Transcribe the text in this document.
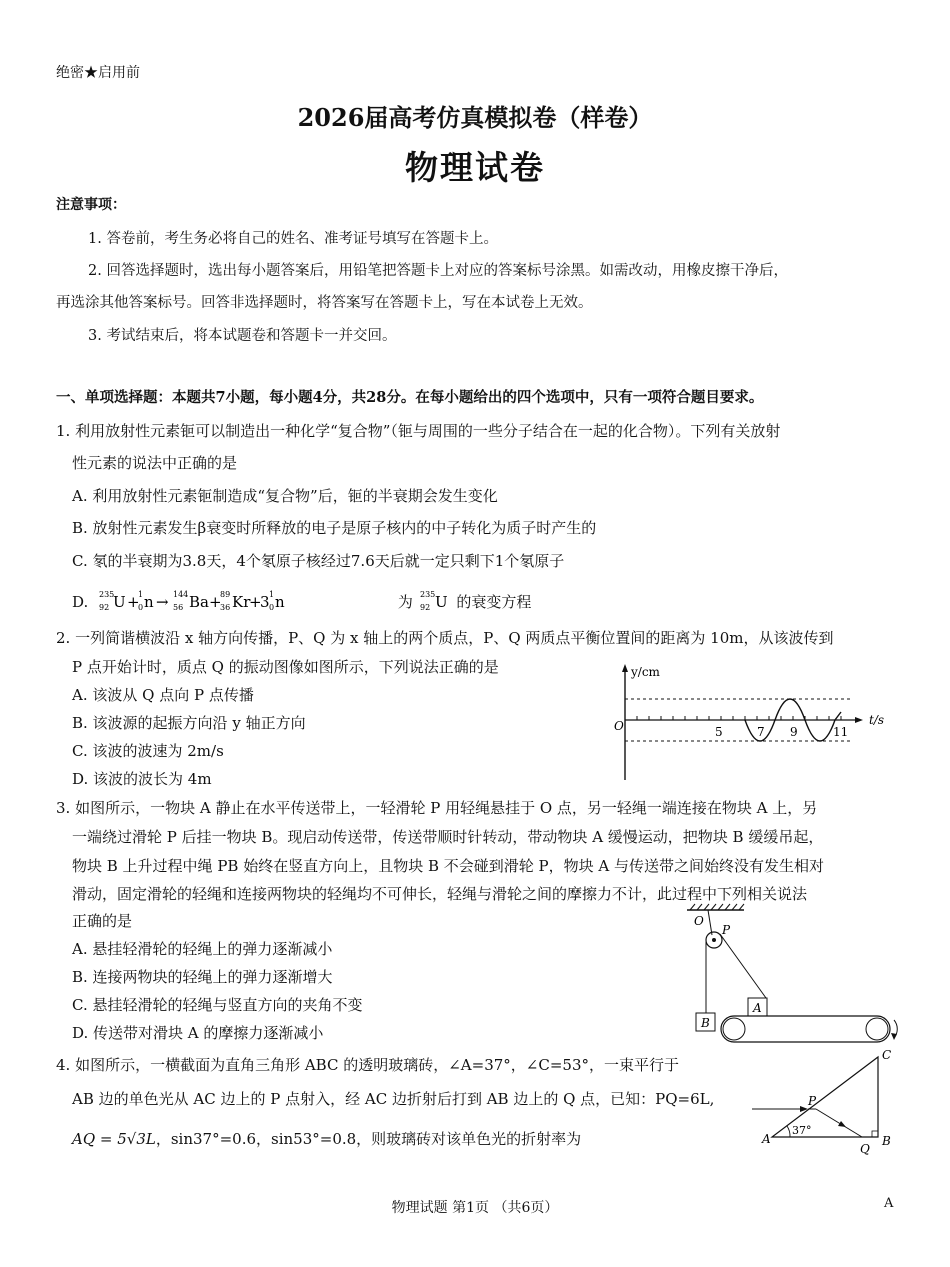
绝密★启用前
2026届高考仿真模拟卷（样卷）
物理试卷
注意事项：
1. 答卷前，考生务必将自己的姓名、准考证号填写在答题卡上。
2. 回答选择题时，选出每小题答案后，用铅笔把答题卡上对应的答案标号涂黑。如需改动，用橡皮擦干净后，
再选涂其他答案标号。回答非选择题时，将答案写在答题卡上，写在本试卷上无效。
3. 考试结束后，将本试题卷和答题卡一并交回。
一、单项选择题：本题共7小题，每小题4分，共28分。在每小题给出的四个选项中，只有一项符合题目要求。
1. 利用放射性元素钷可以制造出一种化学“复合物”（钷与周围的一些分子结合在一起的化合物）。下列有关放射
性元素的说法中正确的是
A. 利用放射性元素钷制造成“复合物”后，钷的半衰期会发生变化
B. 放射性元素发生β衰变时所释放的电子是原子核内的中子转化为质子时产生的
C. 氡的半衰期为3.8天，4个氡原子核经过7.6天后就一定只剩下1个氡原子
D. 235
92 U +
1
0 n → 144
56 Ba +
89
36 Kr
+
3 1
0 n	为 235
92 U 的衰变方程
2. 一列简谐横波沿 x 轴方向传播，P、Q 为 x 轴上的两个质点，P、Q 两质点平衡位置间的距离为 10m，从该波传到
P 点开始计时，质点 Q 的振动图像如图所示，下列说法正确的是
A. 该波从 Q 点向 P 点传播
B. 该波源的起振方向沿 y 轴正方向
C. 该波的波速为 2m/s
D. 该波的波长为 4m
y/cm
t/s
O	5	7 9	11
3. 如图所示，一物块 A 静止在水平传送带上，一轻滑轮 P 用轻绳悬挂于 O 点，另一轻绳一端连接在物块 A 上，另
一端绕过滑轮 P 后挂一物块 B。现启动传送带，传送带顺时针转动，带动物块 A 缓慢运动，把物块 B 缓缓吊起，
物块 B 上升过程中绳 PB 始终在竖直方向上，且物块 B 不会碰到滑轮 P，物块 A 与传送带之间始终没有发生相对
滑动，固定滑轮的轻绳和连接两物块的轻绳均不可伸长，轻绳与滑轮之间的摩擦力不计，此过程中下列相关说法
正确的是
A. 悬挂轻滑轮的轻绳上的弹力逐渐减小
B. 连接两物块的轻绳上的弹力逐渐增大
C. 悬挂轻滑轮的轻绳与竖直方向的夹角不变
D. 传送带对滑块 A 的摩擦力逐渐减小
O
P
B
A
4. 如图所示，一横截面为直角三角形 ABC 的透明玻璃砖，∠A=37°，∠C=53°，一束平行于
AB 边的单色光从 AC 边上的 P 点射入，经 AC 边折射后打到 AB 边上的 Q 点，已知：PQ=6L,
AQ = 5√3L，sin37°=0.6，sin53°=0.8，则玻璃砖对该单色光的折射率为	37°
A	B
C
P
Q
物理试题 第1页 （共6页）	A
